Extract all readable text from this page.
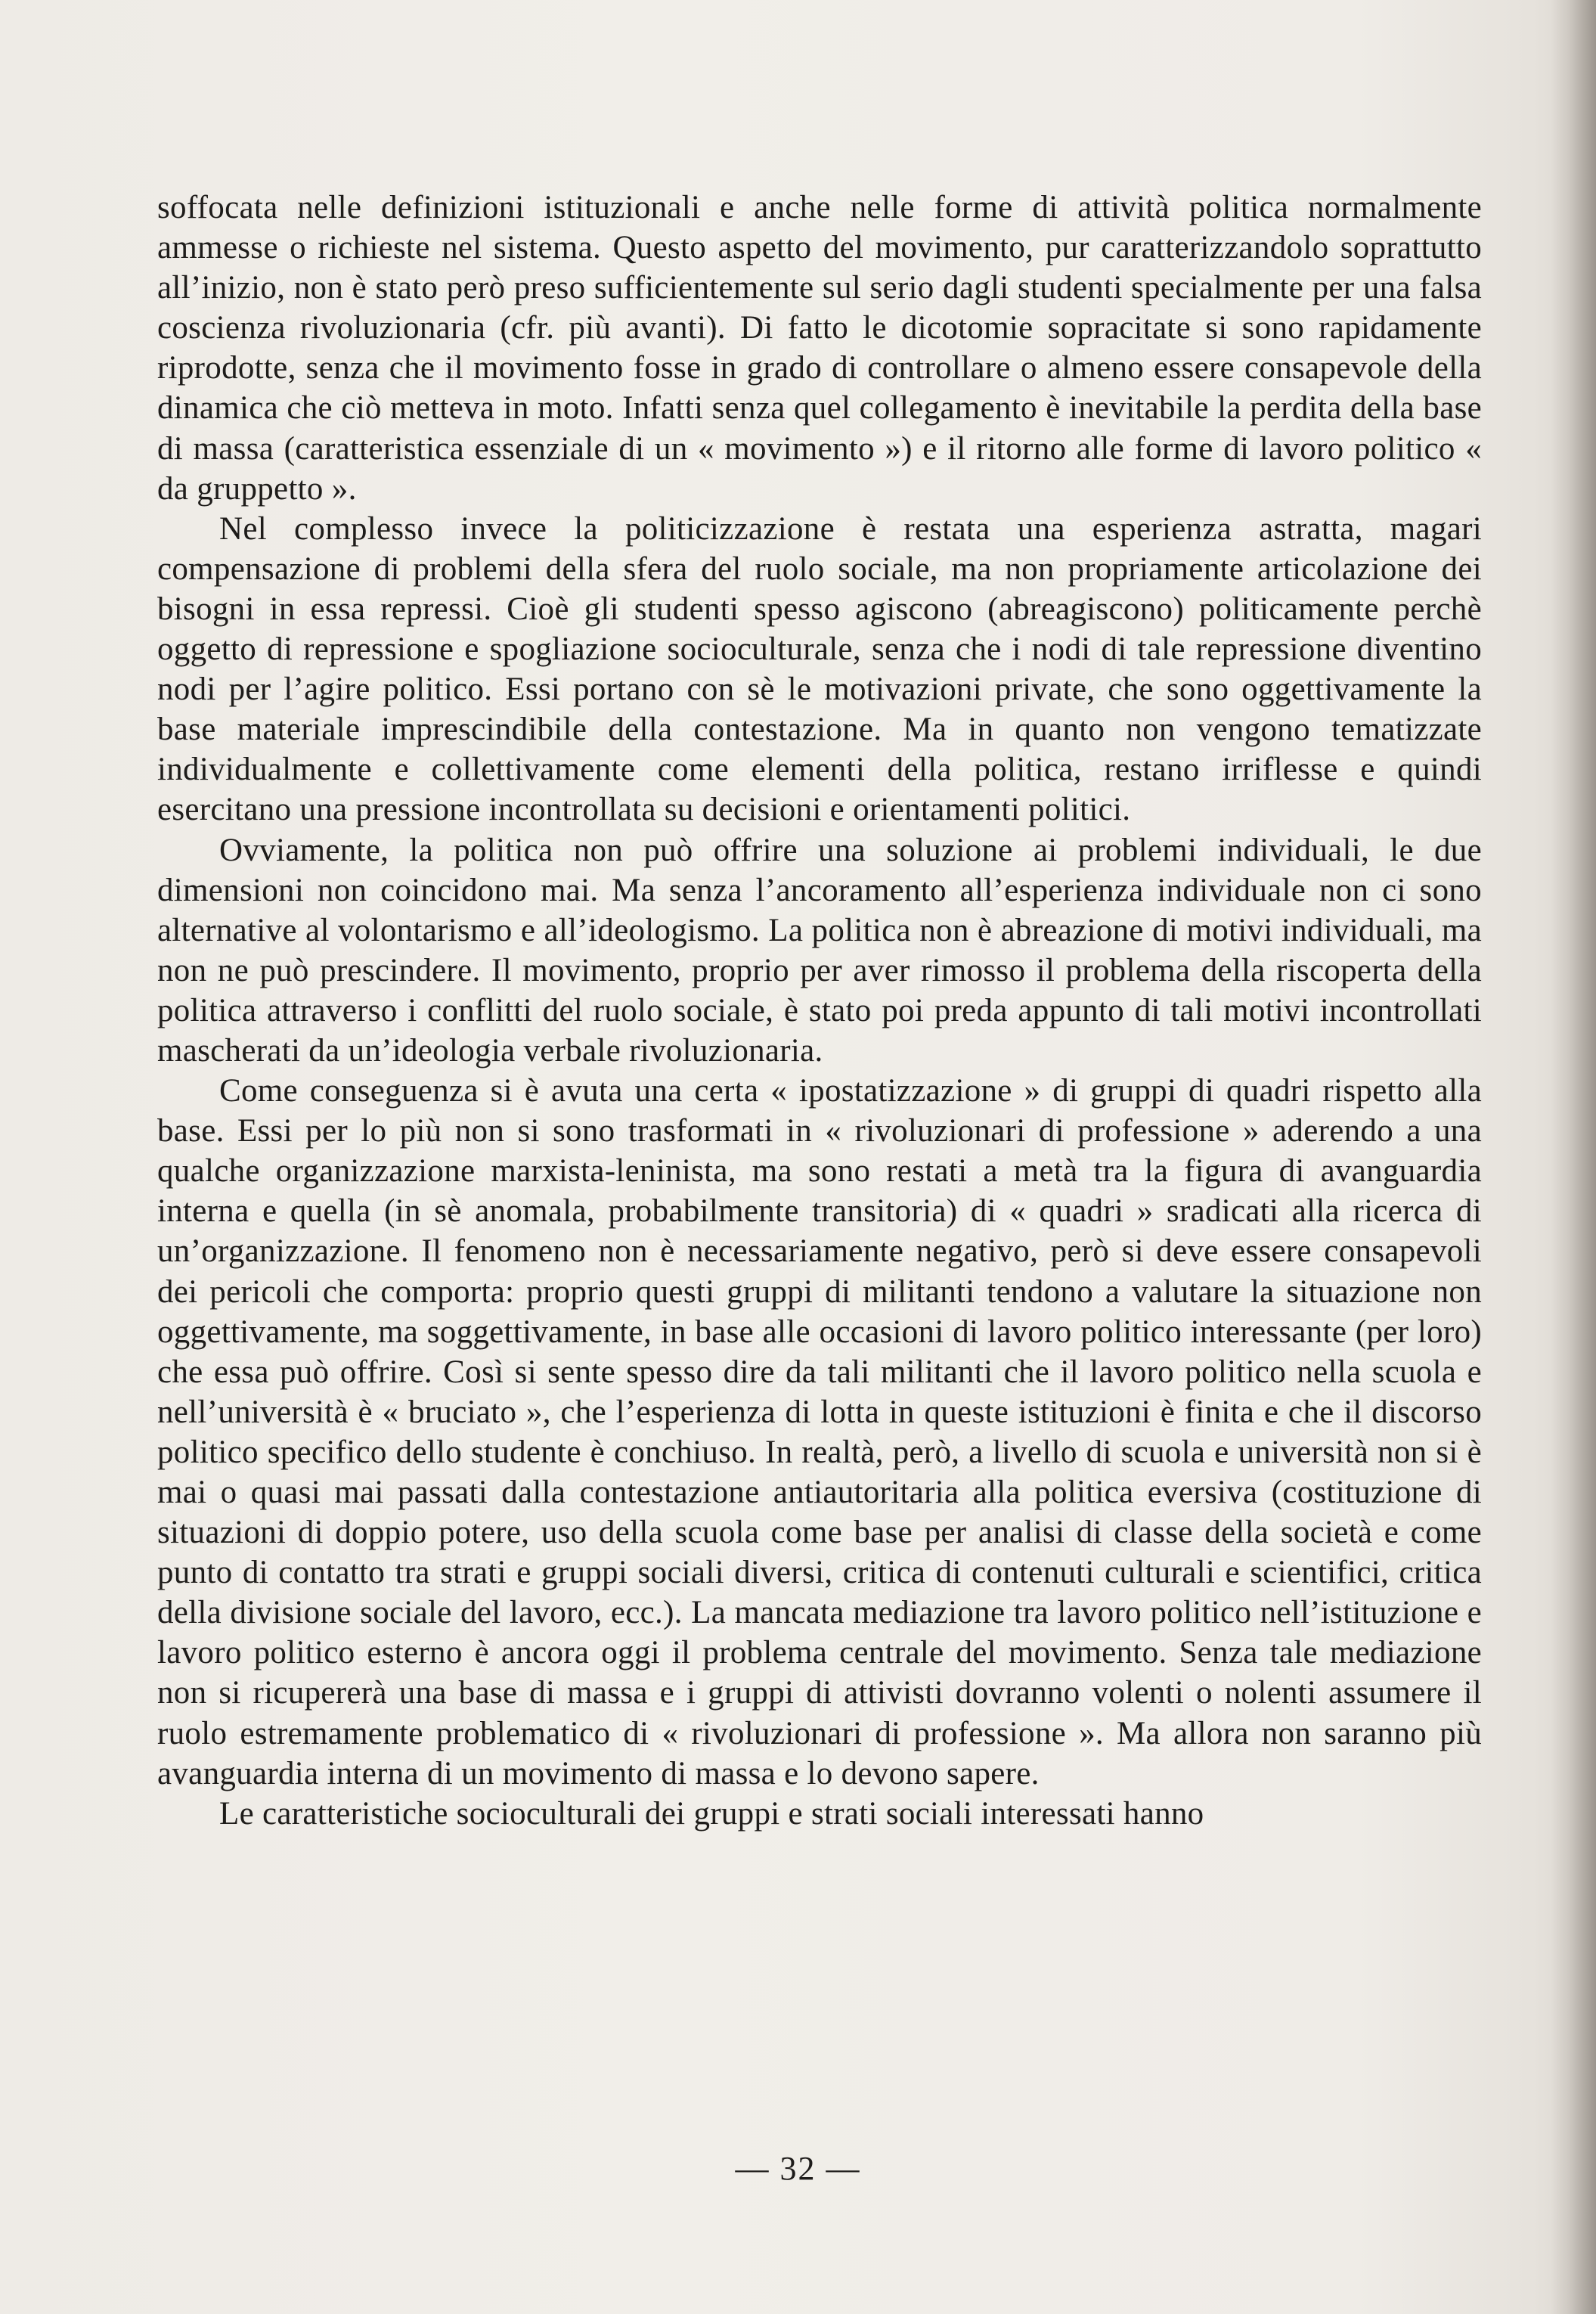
soffocata nelle definizioni istituzionali e anche nelle forme di attività politica normalmente ammesse o richieste nel sistema. Questo aspetto del movimento, pur caratterizzandolo soprattutto all’inizio, non è stato però preso sufficientemente sul serio dagli studenti specialmente per una falsa coscienza rivoluzionaria (cfr. più avanti). Di fatto le dicotomie sopracitate si sono rapidamente riprodotte, senza che il movimento fosse in grado di controllare o almeno essere consapevole della dinamica che ciò metteva in moto. Infatti senza quel collegamento è inevitabile la perdita della base di massa (caratteristica essenziale di un « movimento ») e il ritorno alle forme di lavoro politico « da gruppetto ».

Nel complesso invece la politicizzazione è restata una esperienza astratta, magari compensazione di problemi della sfera del ruolo sociale, ma non propriamente articolazione dei bisogni in essa repressi. Cioè gli studenti spesso agiscono (abreagiscono) politicamente perchè oggetto di repressione e spogliazione socioculturale, senza che i nodi di tale repressione diventino nodi per l’agire politico. Essi portano con sè le motivazioni private, che sono oggettivamente la base materiale imprescindibile della contestazione. Ma in quanto non vengono tematizzate individualmente e collettivamente come elementi della politica, restano irriflesse e quindi esercitano una pressione incontrollata su decisioni e orientamenti politici.

Ovviamente, la politica non può offrire una soluzione ai problemi individuali, le due dimensioni non coincidono mai. Ma senza l’ancoramento all’esperienza individuale non ci sono alternative al volontarismo e all’ideologismo. La politica non è abreazione di motivi individuali, ma non ne può prescindere. Il movimento, proprio per aver rimosso il problema della riscoperta della politica attraverso i conflitti del ruolo sociale, è stato poi preda appunto di tali motivi incontrollati mascherati da un’ideologia verbale rivoluzionaria.

Come conseguenza si è avuta una certa « ipostatizzazione » di gruppi di quadri rispetto alla base. Essi per lo più non si sono trasformati in « rivoluzionari di professione » aderendo a una qualche organizzazione marxista-leninista, ma sono restati a metà tra la figura di avanguardia interna e quella (in sè anomala, probabilmente transitoria) di « quadri » sradicati alla ricerca di un’organizzazione. Il fenomeno non è necessariamente negativo, però si deve essere consapevoli dei pericoli che comporta: proprio questi gruppi di militanti tendono a valutare la situazione non oggettivamente, ma soggettivamente, in base alle occasioni di lavoro politico interessante (per loro) che essa può offrire. Così si sente spesso dire da tali militanti che il lavoro politico nella scuola e nell’università è « bruciato », che l’esperienza di lotta in queste istituzioni è finita e che il discorso politico specifico dello studente è conchiuso. In realtà, però, a livello di scuola e università non si è mai o quasi mai passati dalla contestazione antiautoritaria alla politica eversiva (costituzione di situazioni di doppio potere, uso della scuola come base per analisi di classe della società e come punto di contatto tra strati e gruppi sociali diversi, critica di contenuti culturali e scientifici, critica della divisione sociale del lavoro, ecc.). La mancata mediazione tra lavoro politico nell’istituzione e lavoro politico esterno è ancora oggi il problema centrale del movimento. Senza tale mediazione non si ricupererà una base di massa e i gruppi di attivisti dovranno volenti o nolenti assumere il ruolo estremamente problematico di « rivoluzionari di professione ». Ma allora non saranno più avanguardia interna di un movimento di massa e lo devono sapere.

Le caratteristiche socioculturali dei gruppi e strati sociali interessati hanno

— 32 —
